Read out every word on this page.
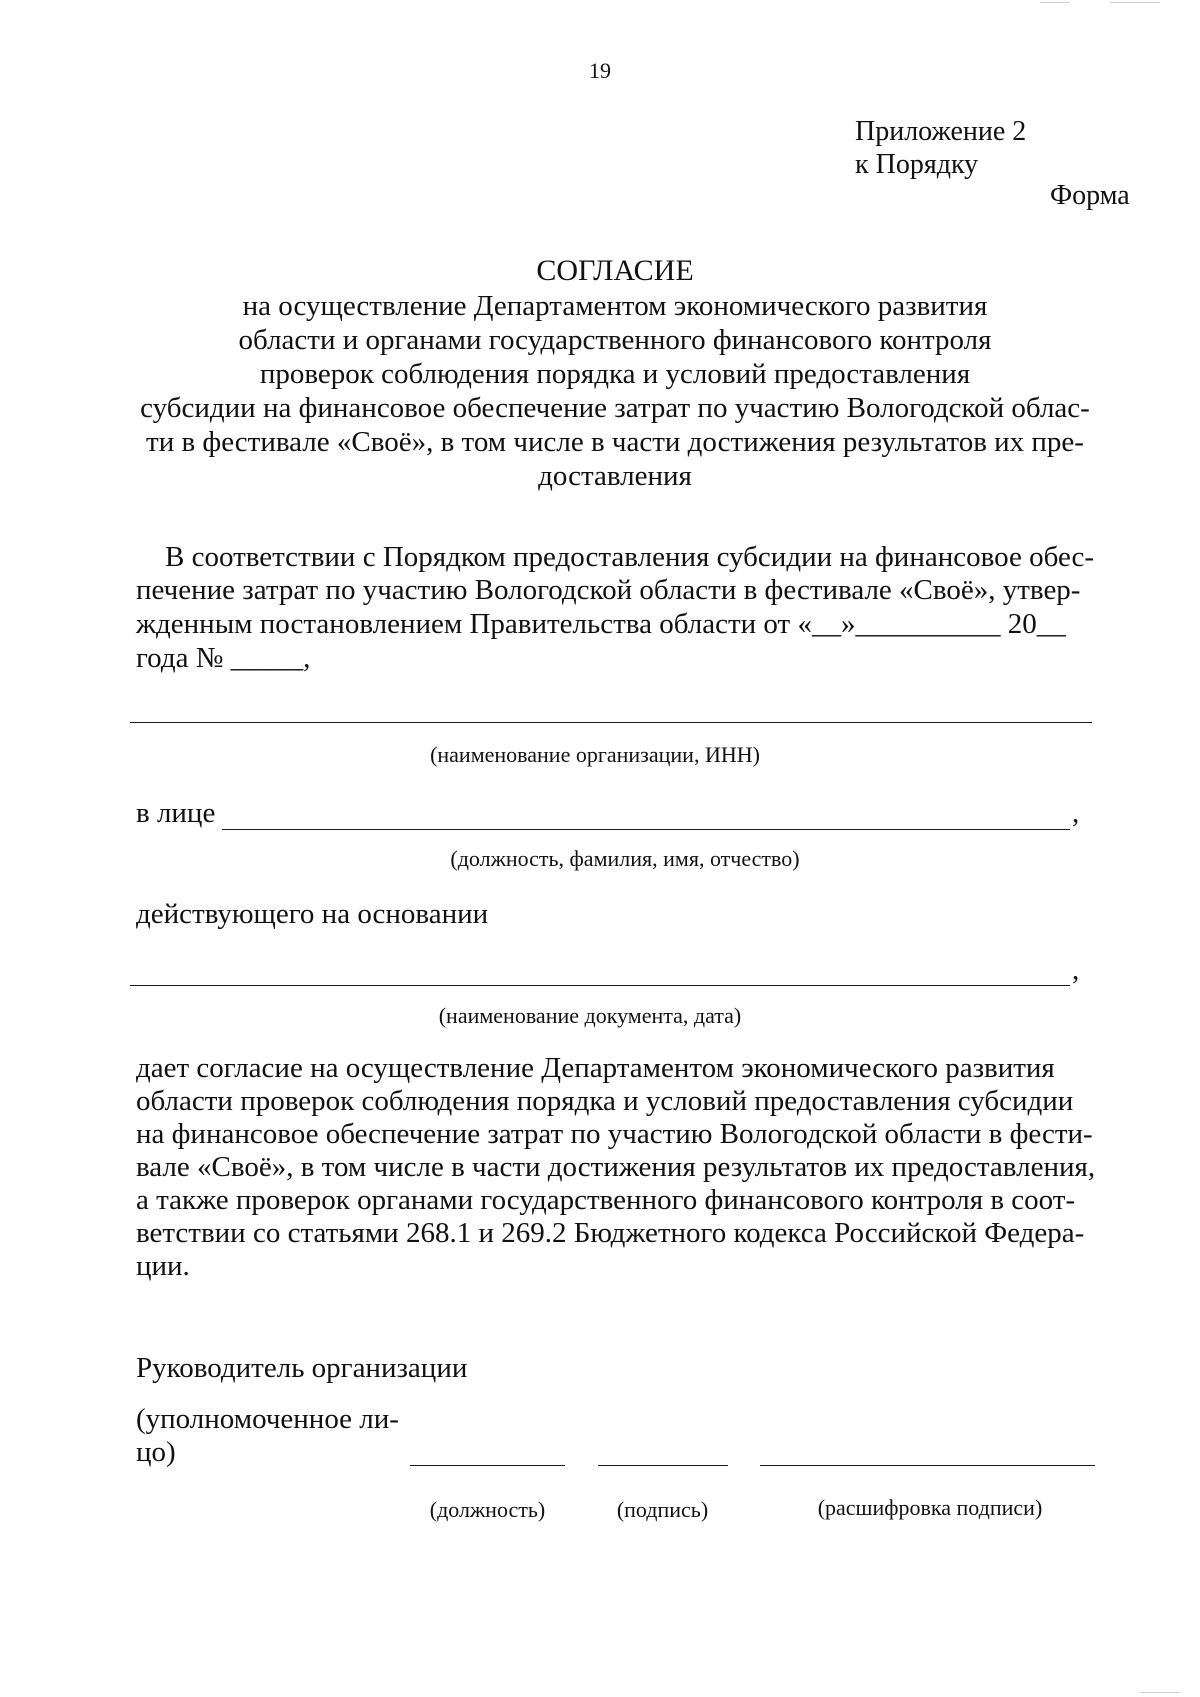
19
Приложение 2
к Порядку
Форма
СОГЛАСИЕ
на осуществление Департаментом экономического развития
области и органами государственного финансового контроля
проверок соблюдения порядка и условий предоставления
субсидии на финансовое обеспечение затрат по участию Вологодской облас-
ти в фестивале «Своё», в том числе в части достижения результатов их пре-
доставления
В соответствии с Порядком предоставления субсидии на финансовое обес-
печение затрат по участию Вологодской области в фестивале «Своё», утвер-
жденным постановлением Правительства области от «__»__________ 20__
года № _____,
(наименование организации, ИНН)
в лице	,
(должность, фамилия, имя, отчество)
действующего на основании
,
(наименование документа, дата)
дает согласие на осуществление Департаментом экономического развития
области проверок соблюдения порядка и условий предоставления субсидии
на финансовое обеспечение затрат по участию Вологодской области в фести-
вале «Своё», в том числе в части достижения результатов их предоставления,
а также проверок органами государственного финансового контроля в соот-
ветствии со статьями 268.1 и 269.2 Бюджетного кодекса Российской Федера-
ции.
Руководитель организации
(уполномоченное ли-
цо)
(должность)	(подпись)	(расшифровка подписи)
